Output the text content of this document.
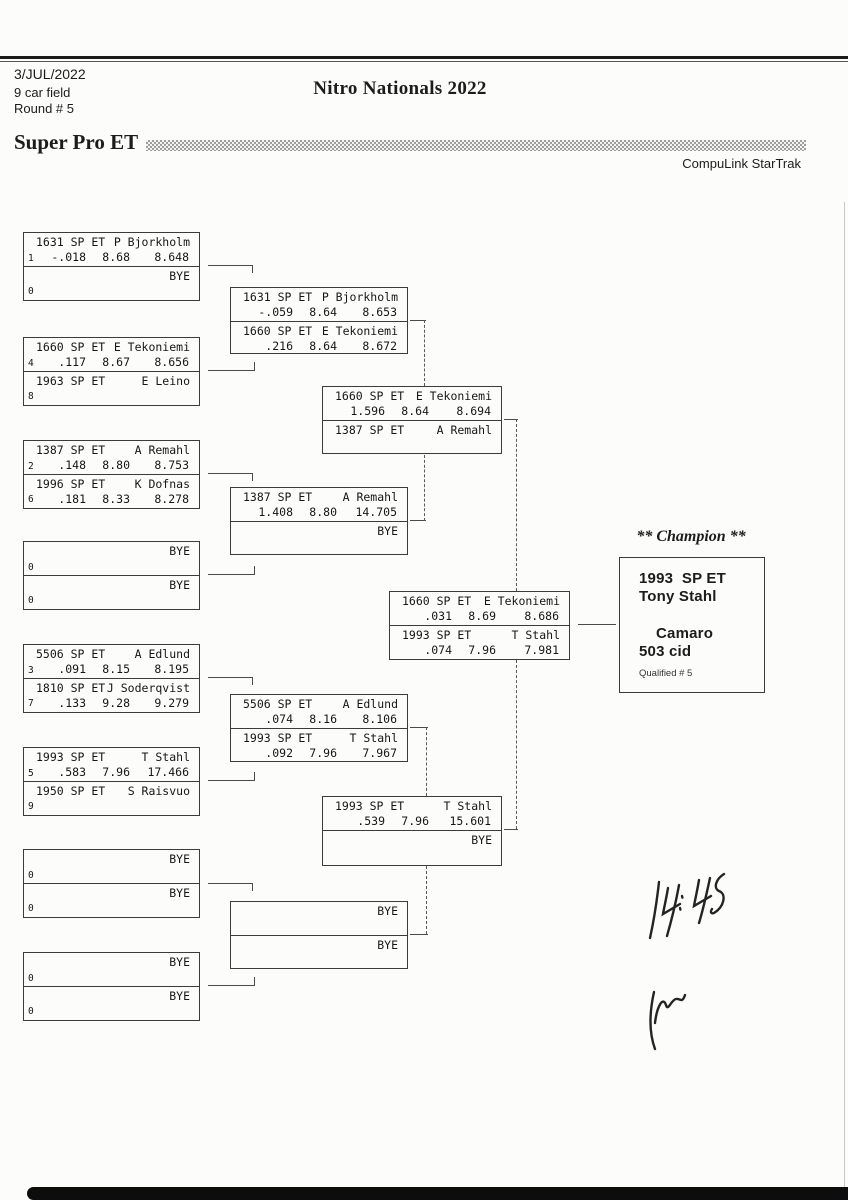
3/JUL/2022
9 car field
Round # 5
Nitro Nationals 2022
Super Pro ET
CompuLink StarTrak
1631 SP ET P Bjorkholm
-.018	8.68	8.648
1
BYE
0
1660 SP ET E Tekoniemi
.117	8.67	8.656
4
1963 SP ET	E Leino
8
1387 SP ET	A Remahl
.148	8.80	8.753
2
1996 SP ET	K Dofnas
.181	8.33	8.278
6
BYE
0
BYE
0
5506 SP ET	A Edlund
.091	8.15	8.195
3
1810 SP ET J Soderqvist
.133	9.28	9.279
7
1993 SP ET	T Stahl
.583	7.96	17.466
5
1950 SP ET S Raisvuo
9
BYE
0
BYE
0
BYE
0
BYE
0
1631 SP ET P Bjorkholm
-.059	8.64	8.653
1660 SP ET E Tekoniemi
.216	8.64	8.672
1387 SP ET	A Remahl
1.408	8.80	14.705
BYE
5506 SP ET	A Edlund
.074	8.16	8.106
1993 SP ET	T Stahl
.092	7.96	7.967
BYE
BYE
1660 SP ET E Tekoniemi
1.596	8.64	8.694
1387 SP ET	A Remahl
1993 SP ET	T Stahl
.539	7.96	15.601
BYE
1660 SP ET E Tekoniemi
.031	8.69	8.686
1993 SP ET	T Stahl
.074	7.96	7.981
** Champion **
1993  SP ET
Tony Stahl
Camaro
503 cid
Qualified # 5
